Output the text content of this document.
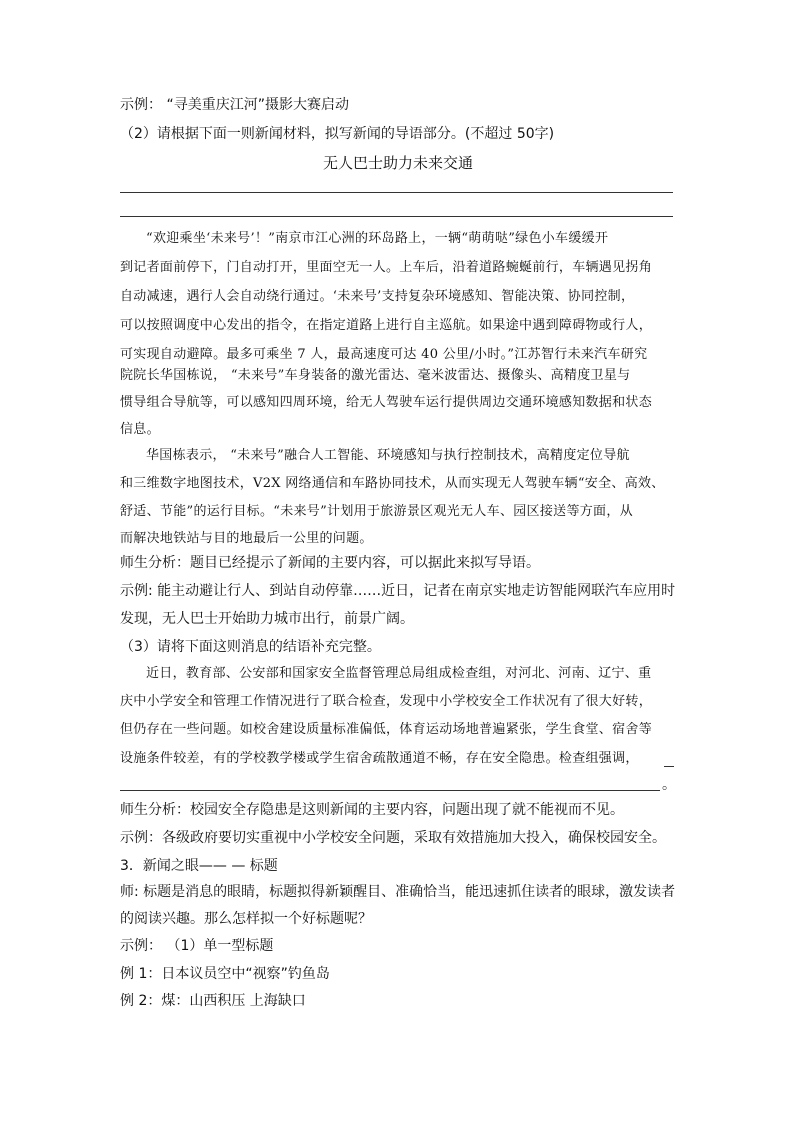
示例： “寻美重庆江河”摄影大赛启动
（2）请根据下面一则新闻材料，拟写新闻的导语部分。(不超过 50字)
无人巴士助力未来交通
“欢迎乘坐‘未来号’！”南京市江心洲的环岛路上，一辆“萌萌哒”绿色小车缓缓开
到记者面前停下，门自动打开，里面空无一人。上车后，沿着道路蜿蜒前行，车辆遇见拐角
自动减速，遇行人会自动绕行通过。‘未来号’支持复杂环境感知、智能决策、协同控制，
可以按照调度中心发出的指令，在指定道路上进行自主巡航。如果途中遇到障碍物或行人，
可实现自动避障。最多可乘坐 7 人，最高速度可达 40 公里/小时。”江苏智行未来汽车研究
院院长华国栋说， “未来号”车身装备的激光雷达、毫米波雷达、摄像头、高精度卫星与
惯导组合导航等，可以感知四周环境，给无人驾驶车运行提供周边交通环境感知数据和状态
信息。
华国栋表示， “未来号”融合人工智能、环境感知与执行控制技术，高精度定位导航
和三维数字地图技术，V2X 网络通信和车路协同技术，从而实现无人驾驶车辆“安全、高效、
舒适、节能”的运行目标。“未来号”计划用于旅游景区观光无人车、园区接送等方面，从
而解决地铁站与目的地最后一公里的问题。
师生分析：题目已经提示了新闻的主要内容，可以据此来拟写导语。
示例: 能主动避让行人、到站自动停靠……近日，记者在南京实地走访智能网联汽车应用时
发现，无人巴士开始助力城市出行，前景广阔。
（3）请将下面这则消息的结语补充完整。
近日，教育部、公安部和国家安全监督管理总局组成检查组，对河北、河南、辽宁、重
庆中小学安全和管理工作情况进行了联合检查，发现中小学校安全工作状况有了很大好转，
但仍存在一些问题。如校舍建设质量标准偏低，体育运动场地普遍紧张，学生食堂、宿舍等
设施条件较差，有的学校教学楼或学生宿舍疏散通道不畅，存在安全隐患。检查组强调，
。
师生分析：校园安全存隐患是这则新闻的主要内容，问题出现了就不能视而不见。
示例：各级政府要切实重视中小学校安全问题，采取有效措施加大投入，确保校园安全。
3．新闻之眼—— — 标题
师: 标题是消息的眼睛，标题拟得新颖醒目、准确恰当，能迅速抓住读者的眼球，激发读者
的阅读兴趣。那么怎样拟一个好标题呢？
示例： （1）单一型标题
例 1：日本议员空中“视察”钓鱼岛
例 2：煤：山西积压 上海缺口
